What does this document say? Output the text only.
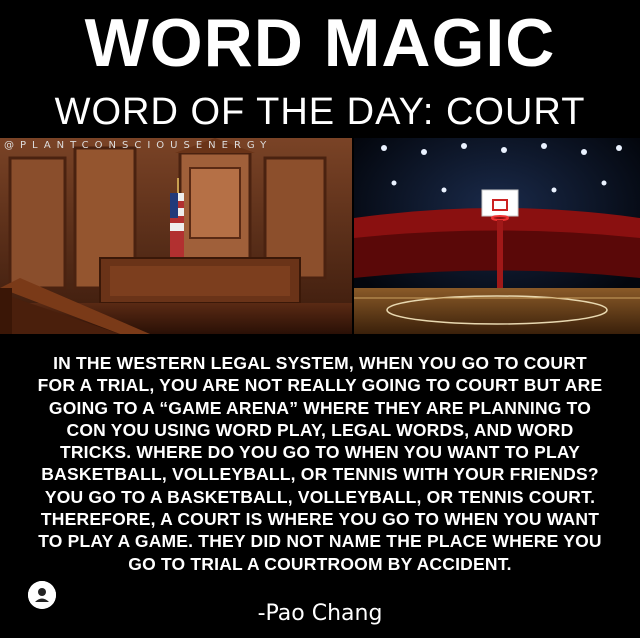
WORD MAGIC
WORD OF THE DAY: COURT
@PLANTCONSCIOUSENERGY
IN THE WESTERN LEGAL SYSTEM, WHEN YOU GO TO COURT
FOR A TRIAL, YOU ARE NOT REALLY GOING TO COURT BUT ARE
GOING TO A “GAME ARENA” WHERE THEY ARE PLANNING TO
CON YOU USING WORD PLAY, LEGAL WORDS, AND WORD
TRICKS. WHERE DO YOU GO TO WHEN YOU WANT TO PLAY
BASKETBALL, VOLLEYBALL, OR TENNIS WITH YOUR FRIENDS?
YOU GO TO A BASKETBALL, VOLLEYBALL, OR TENNIS COURT.
THEREFORE, A COURT IS WHERE YOU GO TO WHEN YOU WANT
TO PLAY A GAME. THEY DID NOT NAME THE PLACE WHERE YOU
GO TO TRIAL A COURTROOM BY ACCIDENT.
-Pao Chang
